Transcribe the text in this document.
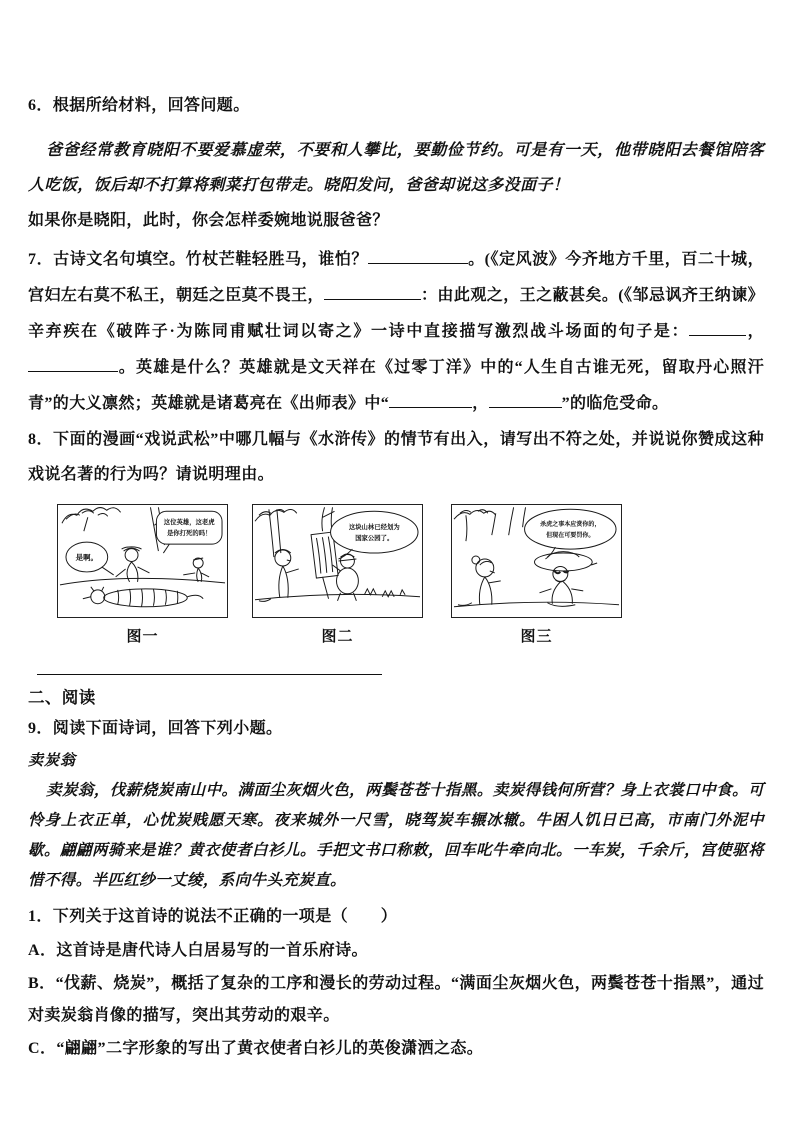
6．根据所给材料，回答问题。

爸爸经常教育晓阳不要爱慕虚荣，不要和人攀比，要勤俭节约。可是有一天，他带晓阳去餐馆陪客人吃饭，饭后却不打算将剩菜打包带走。晓阳发问，爸爸却说这多没面子！

如果你是晓阳，此时，你会怎样委婉地说服爸爸？

7．古诗文名句填空。竹杖芒鞋轻胜马，谁怕？	。(《定风波》今齐地方千里，百二十城，宫妇左右莫不私王，朝廷之臣莫不畏王，	：由此观之，王之蔽甚矣。(《邹忌讽齐王纳谏》辛弃疾在《破阵子·为陈同甫赋壮词以寄之》一诗中直接描写激烈战斗场面的句子是：	，。英雄是什么？英雄就是文天祥在《过零丁洋》中的“人生自古谁无死，留取丹心照汗青”的大义凛然；英雄就是诸葛亮在《出师表》中“	，	”的临危受命。

8．下面的漫画“戏说武松”中哪几幅与《水浒传》的情节有出入，请写出不符之处，并说说你赞成这种戏说名著的行为吗？请说明理由。

是啊。
这位英雄，这老虎
是你打死的吗！
图一
这块山林已经划为
国家公园了。
图二
杀虎之事本应赏你的，
但现在可要罚你。
图三

二、阅读

9．阅读下面诗词，回答下列小题。

卖炭翁

卖炭翁，伐薪烧炭南山中。满面尘灰烟火色，两鬓苍苍十指黑。卖炭得钱何所营？身上衣裳口中食。可怜身上衣正单，心忧炭贱愿天寒。夜来城外一尺雪，晓驾炭车辗冰辙。牛困人饥日已高，市南门外泥中歇。翩翩两骑来是谁？黄衣使者白衫儿。手把文书口称敕，回车叱牛牵向北。一车炭，千余斤，宫使驱将惜不得。半匹红纱一丈绫，系向牛头充炭直。

1．下列关于这首诗的说法不正确的一项是（　　）

A．这首诗是唐代诗人白居易写的一首乐府诗。

B．“伐薪、烧炭”，概括了复杂的工序和漫长的劳动过程。“满面尘灰烟火色，两鬓苍苍十指黑”，通过对卖炭翁肖像的描写，突出其劳动的艰辛。

C．“翩翩”二字形象的写出了黄衣使者白衫儿的英俊潇洒之态。
